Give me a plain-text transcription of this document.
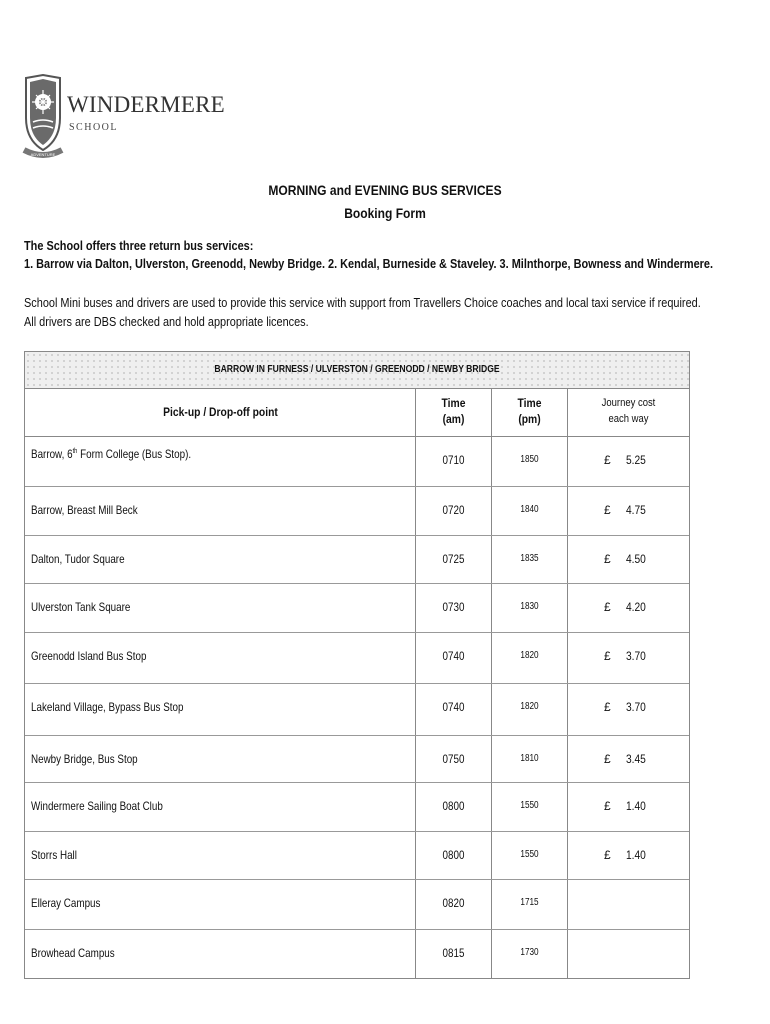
ADVENTURE
WINDERMERE
SCHOOL
MORNING and EVENING BUS SERVICES
Booking Form
The School offers three return bus services:
1. Barrow via Dalton, Ulverston, Greenodd, Newby Bridge. 2. Kendal, Burneside & Staveley. 3. Milnthorpe, Bowness and Windermere.
School Mini buses and drivers are used to provide this service with support from Travellers Choice coaches and local taxi service if required.
All drivers are DBS checked and hold appropriate licences.
BARROW IN FURNESS / ULVERSTON / GREENODD / NEWBY BRIDGE
Pick-up / Drop-off point
Time
(am)
Time
(pm)
Journey cost
each way
Barrow, 6th Form College (Bus Stop).	0710	1850	£ 5.25
Barrow, Breast Mill Beck	0720	1840	£ 4.75
Dalton, Tudor Square	0725	1835	£ 4.50
Ulverston Tank Square	0730	1830	£ 4.20
Greenodd Island Bus Stop	0740	1820	£ 3.70
Lakeland Village, Bypass Bus Stop	0740	1820	£ 3.70
Newby Bridge, Bus Stop	0750	1810	£ 3.45
Windermere Sailing Boat Club	0800	1550	£ 1.40
Storrs Hall	0800	1550	£ 1.40
Elleray Campus	0820	1715
Browhead Campus	0815	1730
